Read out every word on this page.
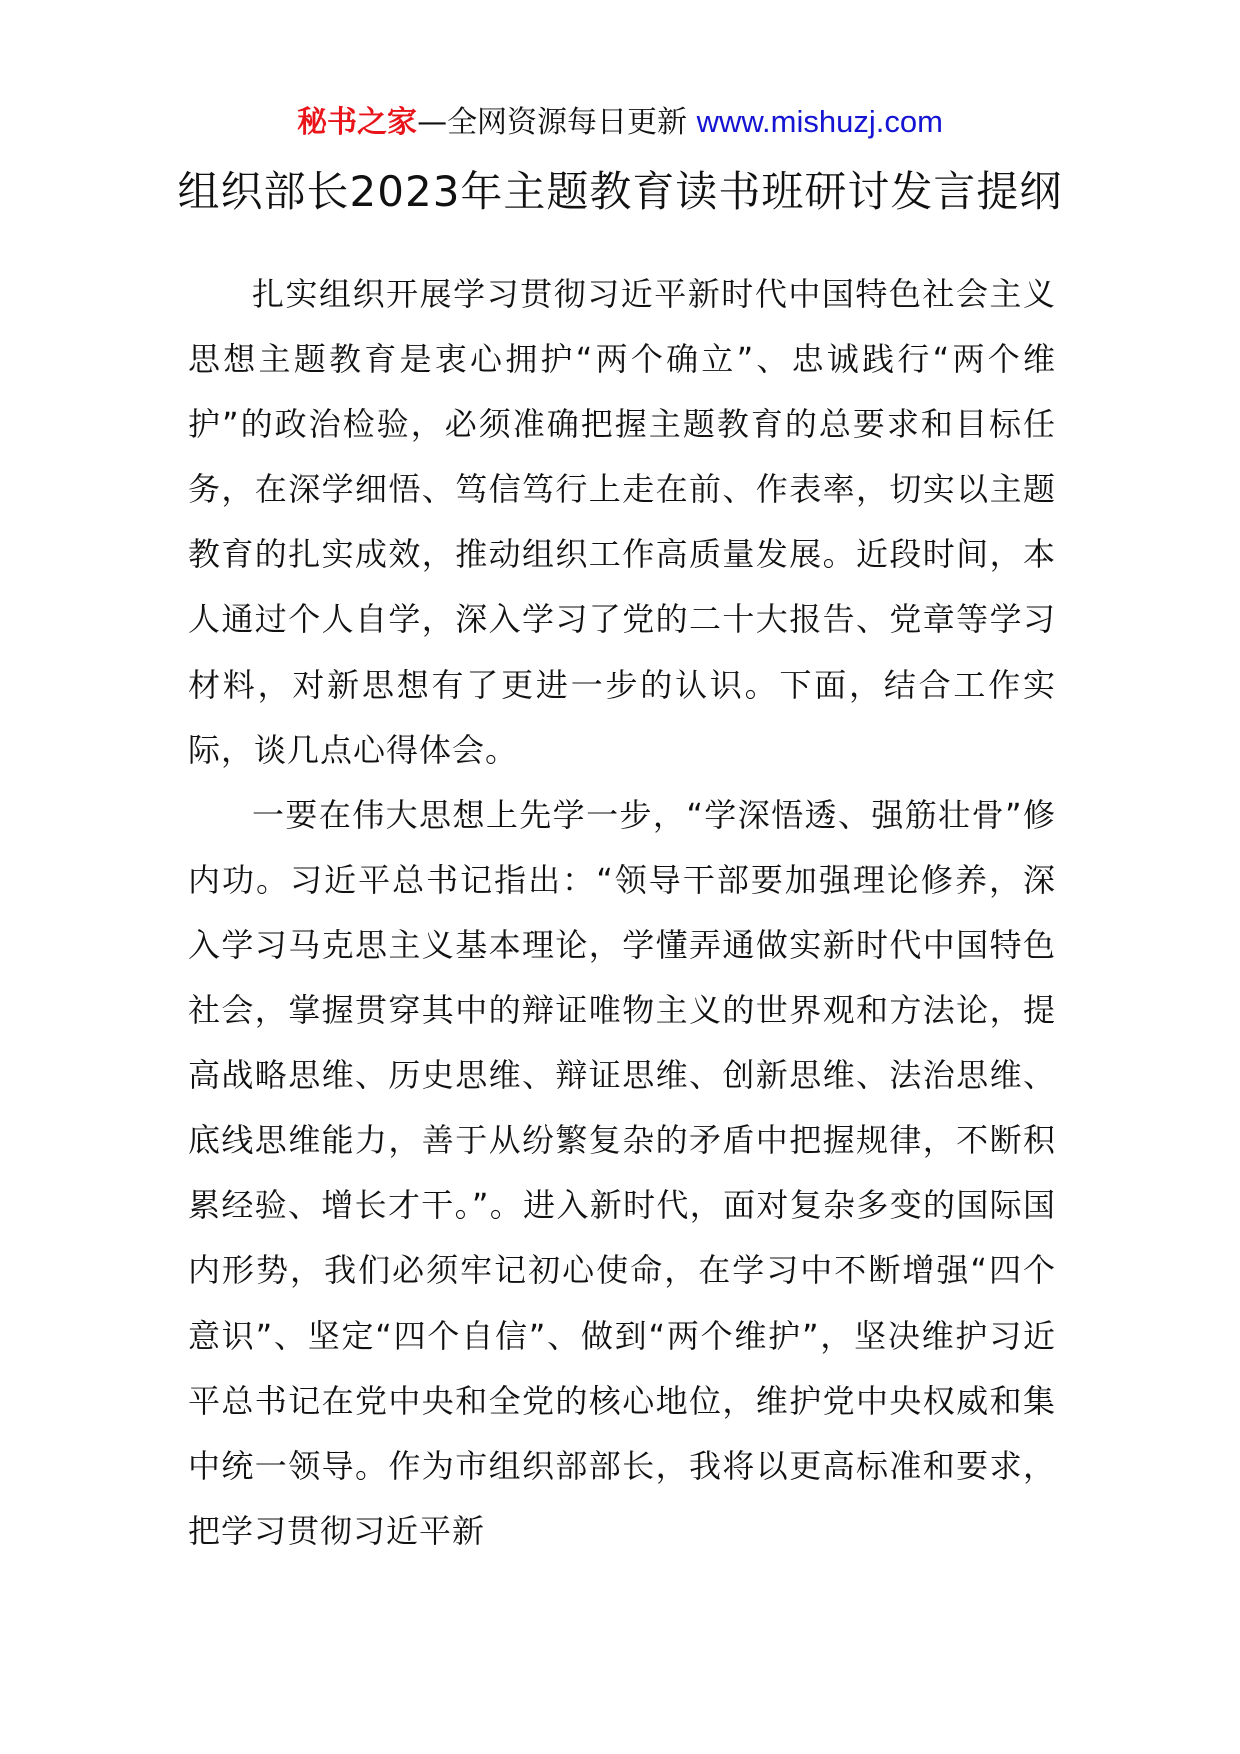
秘书之家—全网资源每日更新 www.mishuzj.com
组织部长2023年主题教育读书班研讨发言提纲

扎实组织开展学习贯彻习近平新时代中国特色社会主义思想主题教育是衷心拥护“两个确立”、忠诚践行“两个维护”的政治检验，必须准确把握主题教育的总要求和目标任务，在深学细悟、笃信笃行上走在前、作表率，切实以主题教育的扎实成效，推动组织工作高质量发展。近段时间，本人通过个人自学，深入学习了党的二十大报告、党章等学习材料，对新思想有了更进一步的认识。下面，结合工作实际，谈几点心得体会。

一要在伟大思想上先学一步，“学深悟透、强筋壮骨”修内功。习近平总书记指出：“领导干部要加强理论修养，深入学习马克思主义基本理论，学懂弄通做实新时代中国特色社会，掌握贯穿其中的辩证唯物主义的世界观和方法论，提高战略思维、历史思维、辩证思维、创新思维、法治思维、底线思维能力，善于从纷繁复杂的矛盾中把握规律，不断积累经验、增长才干。”。进入新时代，面对复杂多变的国际国内形势，我们必须牢记初心使命，在学习中不断增强“四个意识”、坚定“四个自信”、做到“两个维护”，坚决维护习近平总书记在党中央和全党的核心地位，维护党中央权威和集中统一领导。作为市组织部部长，我将以更高标准和要求，把学习贯彻习近平新
